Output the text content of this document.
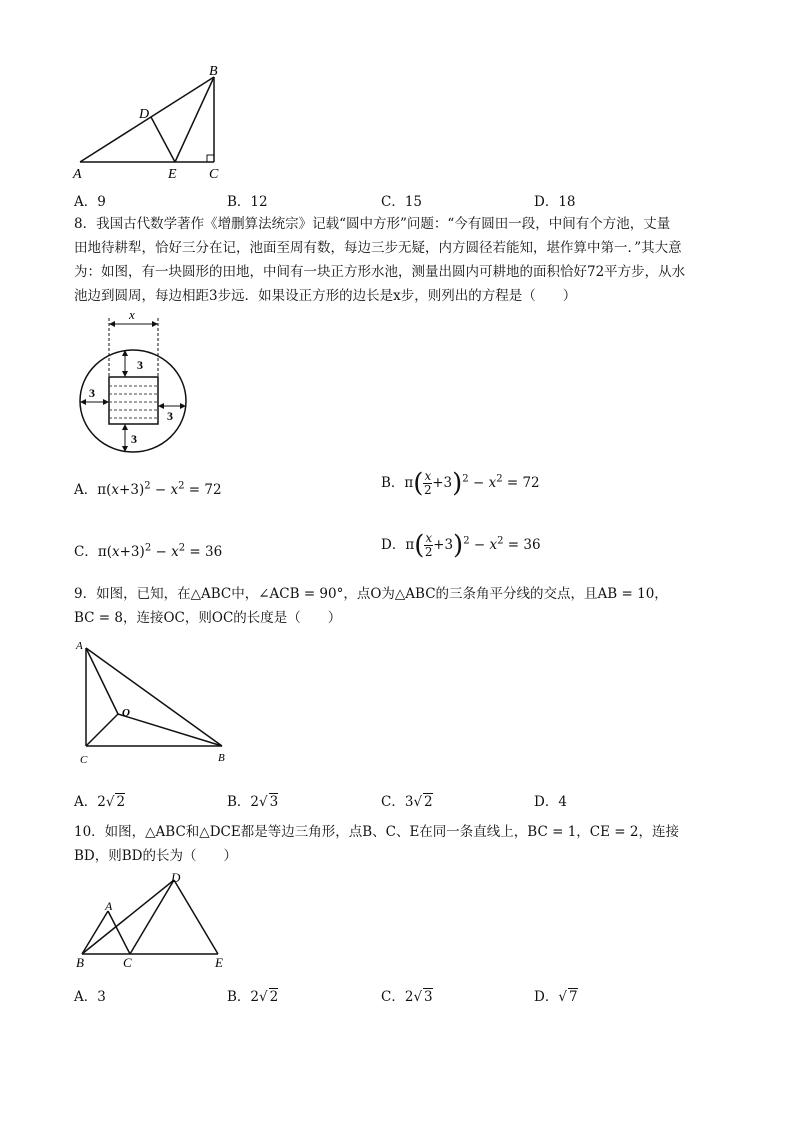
B
D
A	E C
A．9	B．12	C．15	D．18
8．我国古代数学著作《增删算法统宗》记载“圆中方形”问题：“今有圆田一段，中间有个方池，丈量
田地待耕犁，恰好三分在记，池面至周有数，每边三步无疑，内方圆径若能知，堪作算中第一．”其大意
为：如图，有一块圆形的田地，中间有一块正方形水池，测量出圆内可耕地的面积恰好72平方步，从水
池边到圆周，每边相距3步远．如果设正方形的边长是x步，则列出的方程是（　　）
x
3
3
3
3
A．$\pi(x+3)^2 - x^2 = 72$	B．$\pi( \frac{x}{2} +3)^2 - x^2 = 72$
C．$\pi(x+3)^2 - x^2 = 36$	D．$\pi( \frac{x}{2} +3)^2 - x^2 = 36$
9．如图，已知，在△ABC中，∠ACB = 90°，点O为△ABC的三条角平分线的交点，且AB = 10，
BC = 8，连接OC，则OC的长度是（　　）
A
O
C	B
A．2√ 2	B．2√ 3	C．3√ 2	D．4
10．如图，△ABC和△DCE都是等边三角形，点B、C、E在同一条直线上，BC = 1，CE = 2，连接
BD，则BD的长为（　　）
A
D
B	C	E
A．3	B．2√ 2	C．2√ 3	D．√ 7
